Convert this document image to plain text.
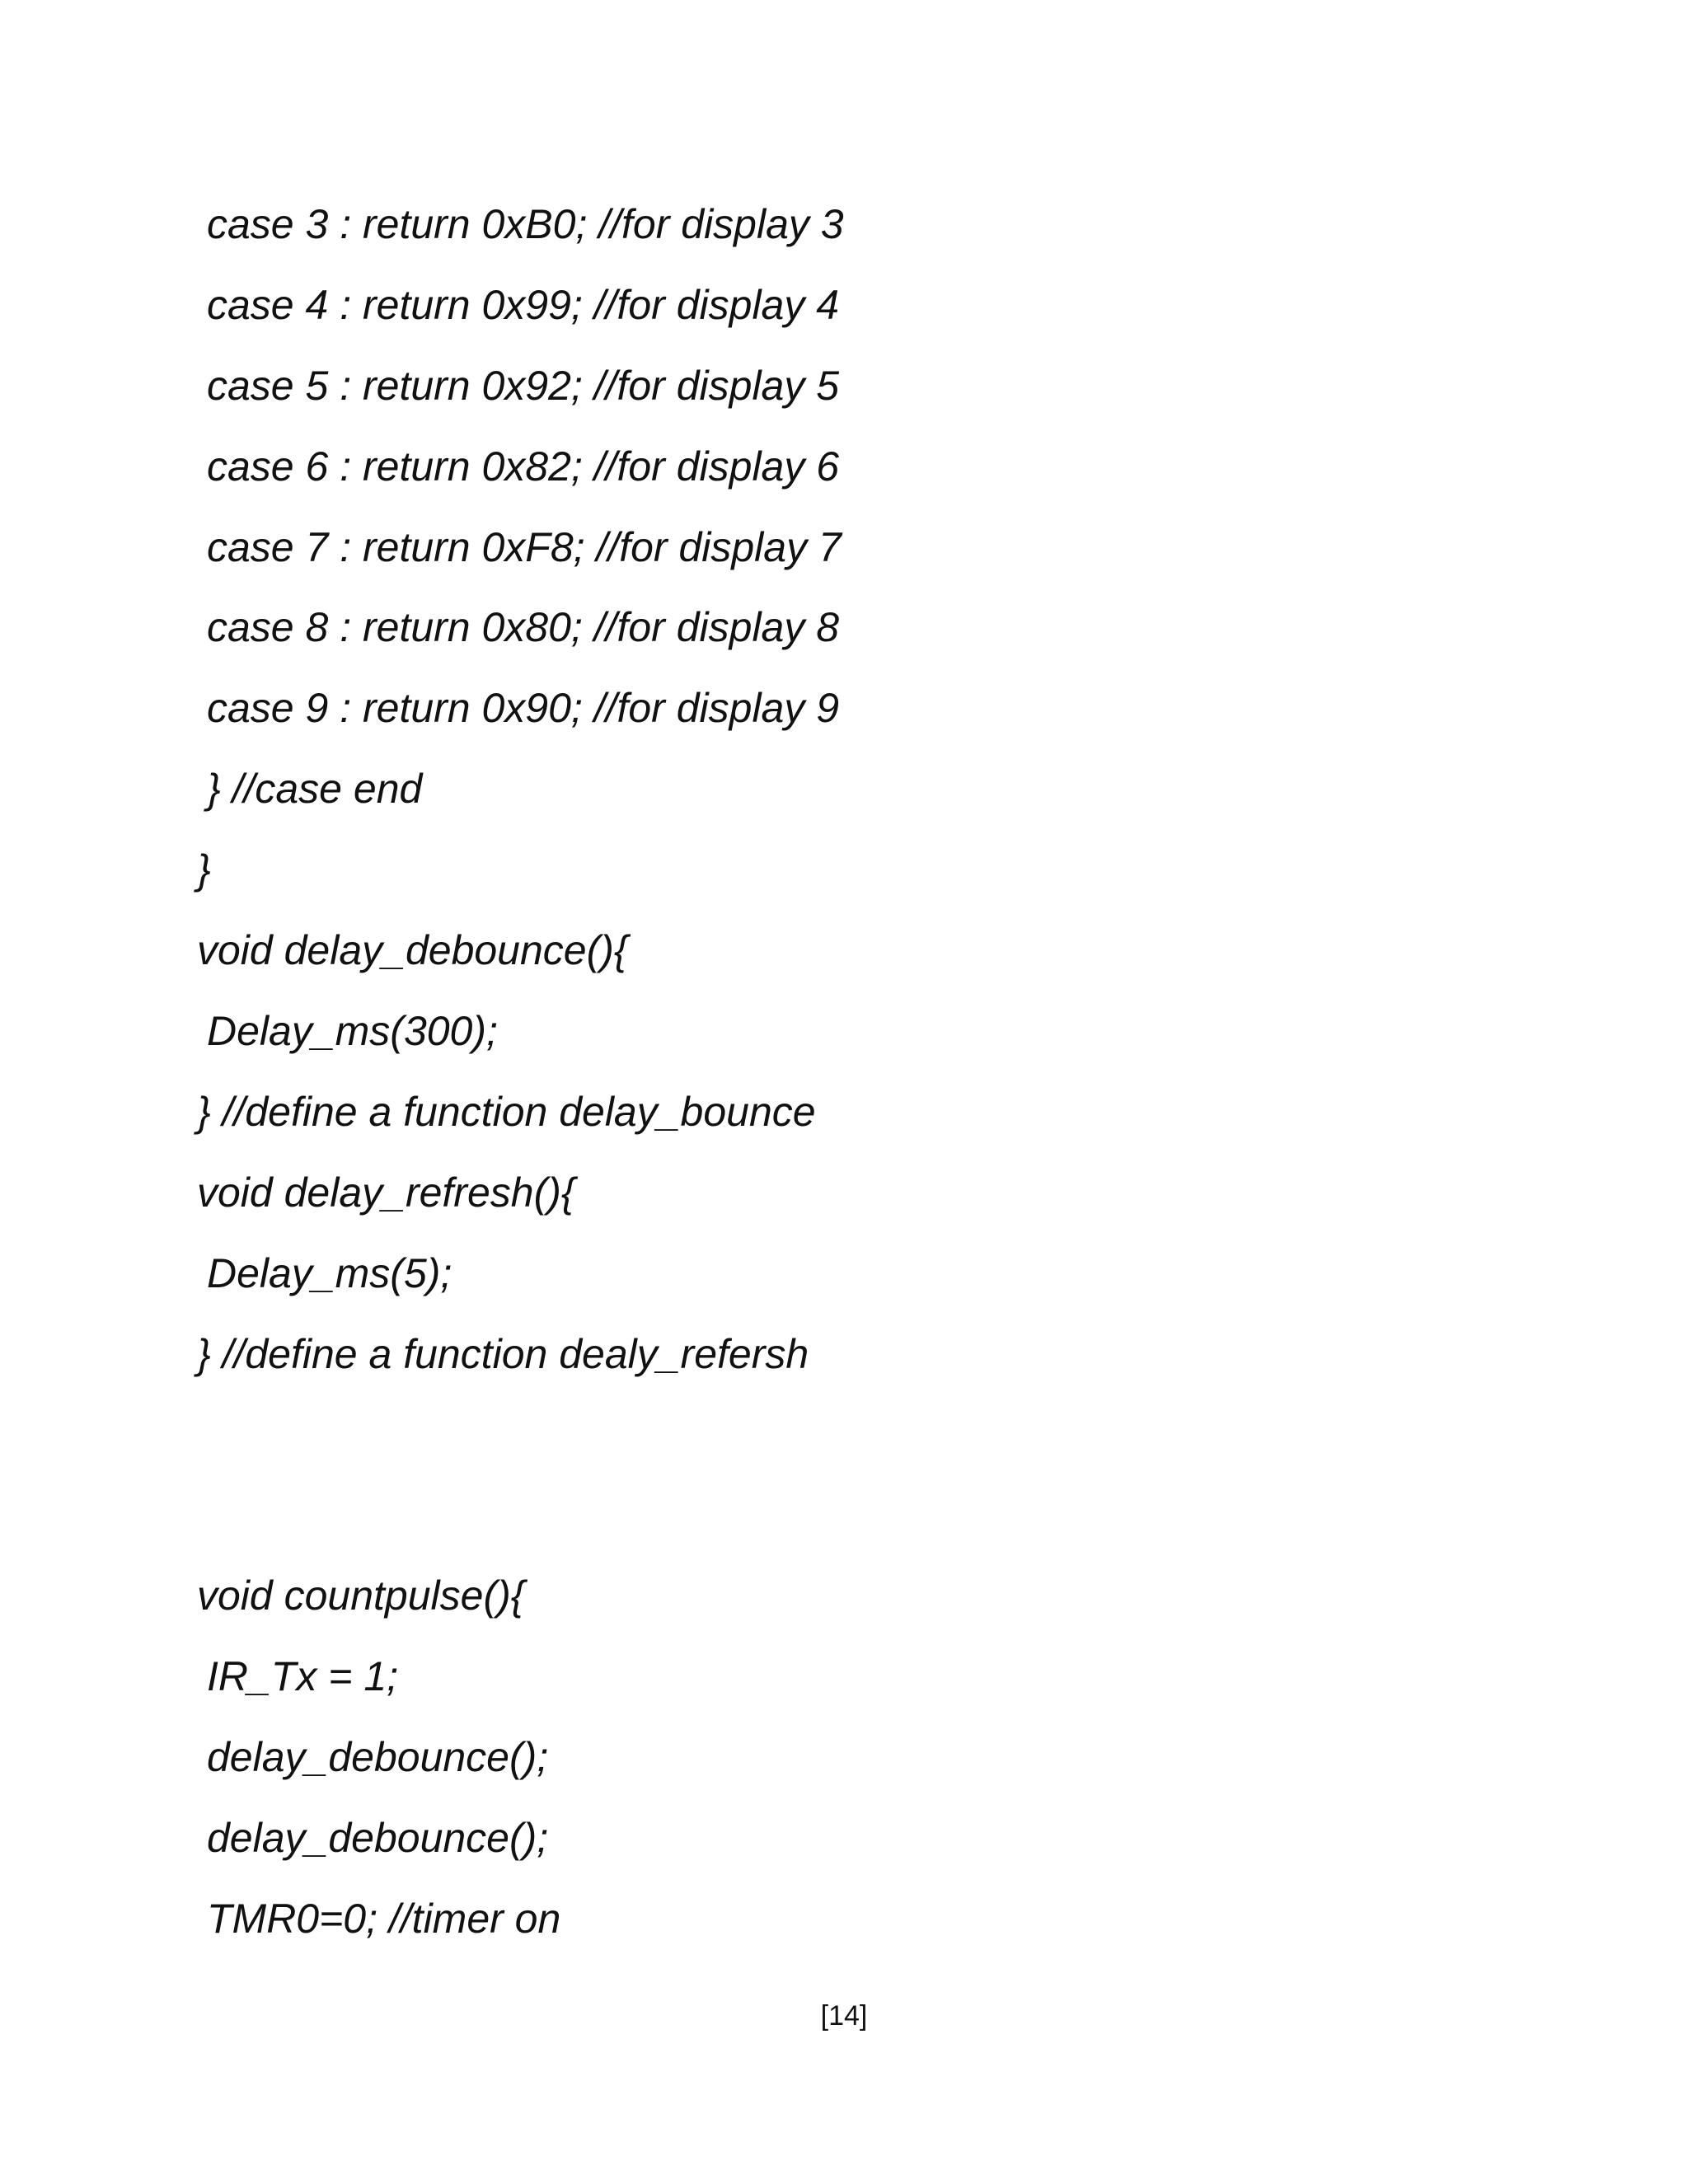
case 3 : return 0xB0; //for display 3

case 4 : return 0x99; //for display 4

case 5 : return 0x92; //for display 5

case 6 : return 0x82; //for display 6

case 7 : return 0xF8; //for display 7

case 8 : return 0x80; //for display 8

case 9 : return 0x90; //for display 9

} //case end

}

void delay_debounce(){

Delay_ms(300);

} //define a function delay_bounce

void delay_refresh(){

Delay_ms(5);

} //define a function dealy_refersh

void countpulse(){

IR_Tx = 1;

delay_debounce();

delay_debounce();

TMR0=0; //timer on

[14]
